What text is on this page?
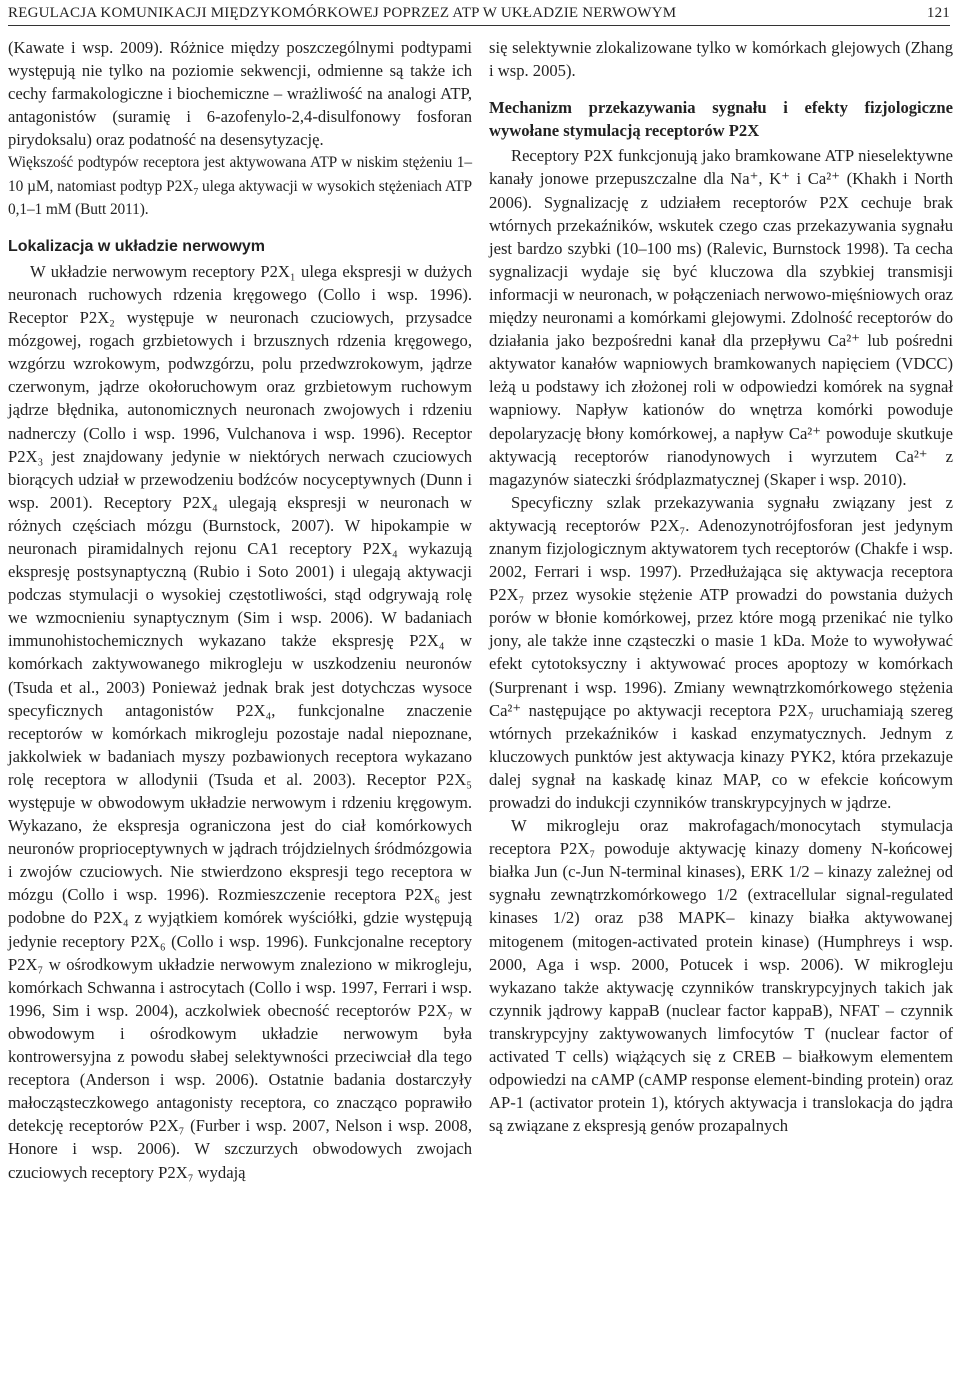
REGULACJA KOMUNIKACJI MIĘDZYKOMÓRKOWEJ POPRZEZ ATP W UKŁADZIE NERWOWYM	121

(Kawate i wsp. 2009). Różnice między poszczególnymi podtypami występują nie tylko na poziomie sekwencji, odmienne są także ich cechy farmakologiczne i biochemiczne – wrażliwość na analogi ATP, antagonistów (suramię i 6-azofenylo-2,4-disulfonowy fosforan pirydoksalu) oraz podatność na desensytyzację.

Większość podtypów receptora jest aktywowana ATP w niskim stężeniu 1–10 µM, natomiast podtyp $P2X_7$ ulega aktywacji w wysokich stężeniach ATP 0,1–1 mM (Butt 2011).

Lokalizacja w układzie nerwowym

W układzie nerwowym receptory P2X₁ ulega ekspresji w dużych neuronach ruchowych rdzenia kręgowego (Collo i wsp. 1996). Receptor P2X₂ występuje w neuronach czuciowych, przysadce mózgowej, rogach grzbietowych i brzusznych rdzenia kręgowego, wzgórzu wzrokowym, podwzgórzu, polu przedwzrokowym, jądrze czerwonym, jądrze okołoruchowym oraz grzbietowym ruchowym jądrze błędnika, autonomicznych neuronach zwojowych i rdzeniu nadnerczy (Collo i wsp. 1996, Vulchanova i wsp. 1996). Receptor P2X₃ jest znajdowany jedynie w niektórych nerwach czuciowych biorących udział w przewodzeniu bodźców nocyceptywnych (Dunn i wsp. 2001). Receptory P2X₄ ulegają ekspresji w neuronach w różnych częściach mózgu (Burnstock, 2007). W hipokampie w neuronach piramidalnych rejonu CA1 receptory P2X₄ wykazują ekspresję postsynaptyczną (Rubio i Soto 2001) i ulegają aktywacji podczas stymulacji o wysokiej częstotliwości, stąd odgrywają rolę we wzmocnieniu synaptycznym (Sim i wsp. 2006). W badaniach immunohistochemicznych wykazano także ekspresję P2X₄ w komórkach zaktywowanego mikrogleju w uszkodzeniu neuronów (Tsuda et al., 2003) Ponieważ jednak brak jest dotychczas wysoce specyficznych antagonistów P2X₄, funkcjonalne znaczenie receptorów w komórkach mikrogleju pozostaje nadal niepoznane, jakkolwiek w badaniach myszy pozbawionych receptora wykazano rolę receptora w allodynii (Tsuda et al. 2003). Receptor P2X₅ występuje w obwodowym układzie nerwowym i rdzeniu kręgowym. Wykazano, że ekspresja ograniczona jest do ciał komórkowych neuronów proprioceptywnych w jądrach trójdzielnych śródmózgowia i zwojów czuciowych. Nie stwierdzono ekspresji tego receptora w mózgu (Collo i wsp. 1996). Rozmieszczenie receptora P2X₆ jest podobne do P2X₄ z wyjątkiem komórek wyściółki, gdzie występują jedynie receptory P2X₆ (Collo i wsp. 1996). Funkcjonalne receptory P2X₇ w ośrodkowym układzie nerwowym znaleziono w mikrogleju, komórkach Schwanna i astrocytach (Collo i wsp. 1997, Ferrari i wsp. 1996, Sim i wsp. 2004), aczkolwiek obecność receptorów P2X₇ w obwodowym i ośrodkowym układzie nerwowym była kontrowersyjna z powodu słabej selektywności przeciwciał dla tego receptora (Anderson i wsp. 2006). Ostatnie badania dostarczyły małocząsteczkowego antagonisty receptora, co znacząco poprawiło detekcję receptorów P2X₇ (Furber i wsp. 2007, Nelson i wsp. 2008, Honore i wsp. 2006). W szczurzych obwodowych zwojach czuciowych receptory P2X₇ wydają

się selektywnie zlokalizowane tylko w komórkach glejowych (Zhang i wsp. 2005).

Mechanizm przekazywania sygnału i efekty fizjologiczne wywołane stymulacją receptorów P2X

Receptory P2X funkcjonują jako bramkowane ATP nieselektywne kanały jonowe przepuszczalne dla Na⁺, K⁺ i Ca²⁺ (Khakh i North 2006). Sygnalizację z udziałem receptorów P2X cechuje brak wtórnych przekaźników, wskutek czego czas przekazywania sygnału jest bardzo szybki (10–100 ms) (Ralevic, Burnstock 1998). Ta cecha sygnalizacji wydaje się być kluczowa dla szybkiej transmisji informacji w neuronach, w połączeniach nerwowo-mięśniowych oraz między neuronami a komórkami glejowymi. Zdolność receptorów do działania jako bezpośredni kanał dla przepływu Ca²⁺ lub pośredni aktywator kanałów wapniowych bramkowanych napięciem (VDCC) leżą u podstawy ich złożonej roli w odpowiedzi komórek na sygnał wapniowy. Napływ kationów do wnętrza komórki powoduje depolaryzację błony komórkowej, a napływ Ca²⁺ powoduje skutkuje aktywacją receptorów rianodynowych i wyrzutem Ca²⁺ z magazynów siateczki śródplazmatycznej (Skaper i wsp. 2010).

Specyficzny szlak przekazywania sygnału związany jest z aktywacją receptorów P2X₇. Adenozynotrójfosforan jest jedynym znanym fizjologicznym aktywatorem tych receptorów (Chakfe i wsp. 2002, Ferrari i wsp. 1997). Przedłużająca się aktywacja receptora P2X₇ przez wysokie stężenie ATP prowadzi do powstania dużych porów w błonie komórkowej, przez które mogą przenikać nie tylko jony, ale także inne cząsteczki o masie 1 kDa. Może to wywoływać efekt cytotoksyczny i aktywować proces apoptozy w komórkach (Surprenant i wsp. 1996). Zmiany wewnątrzkomórkowego stężenia Ca²⁺ następujące po aktywacji receptora P2X₇ uruchamiają szereg wtórnych przekaźników i kaskad enzymatycznych. Jednym z kluczowych punktów jest aktywacja kinazy PYK2, która przekazuje dalej sygnał na kaskadę kinaz MAP, co w efekcie końcowym prowadzi do indukcji czynników transkrypcyjnych w jądrze.

W mikrogleju oraz makrofagach/monocytach stymulacja receptora P2X₇ powoduje aktywację kinazy domeny N-końcowej białka Jun (c-Jun N-terminal kinases), ERK 1/2 – kinazy zależnej od sygnału zewnątrzkomórkowego 1/2 (extracellular signal-regulated kinases 1/2) oraz p38 MAPK– kinazy białka aktywowanej mitogenem (mitogen-activated protein kinase) (Humphreys i wsp. 2000, Aga i wsp. 2000, Potucek i wsp. 2006). W mikrogleju wykazano także aktywację czynników transkrypcyjnych takich jak czynnik jądrowy kappaB (nuclear factor kappaB), NFAT – czynnik transkrypcyjny zaktywowanych limfocytów T (nuclear factor of activated T cells) wiążących się z CREB – białkowym elementem odpowiedzi na cAMP (cAMP response element-binding protein) oraz AP-1 (activator protein 1), których aktywacja i translokacja do jądra są związane z ekspresją genów prozapalnych
